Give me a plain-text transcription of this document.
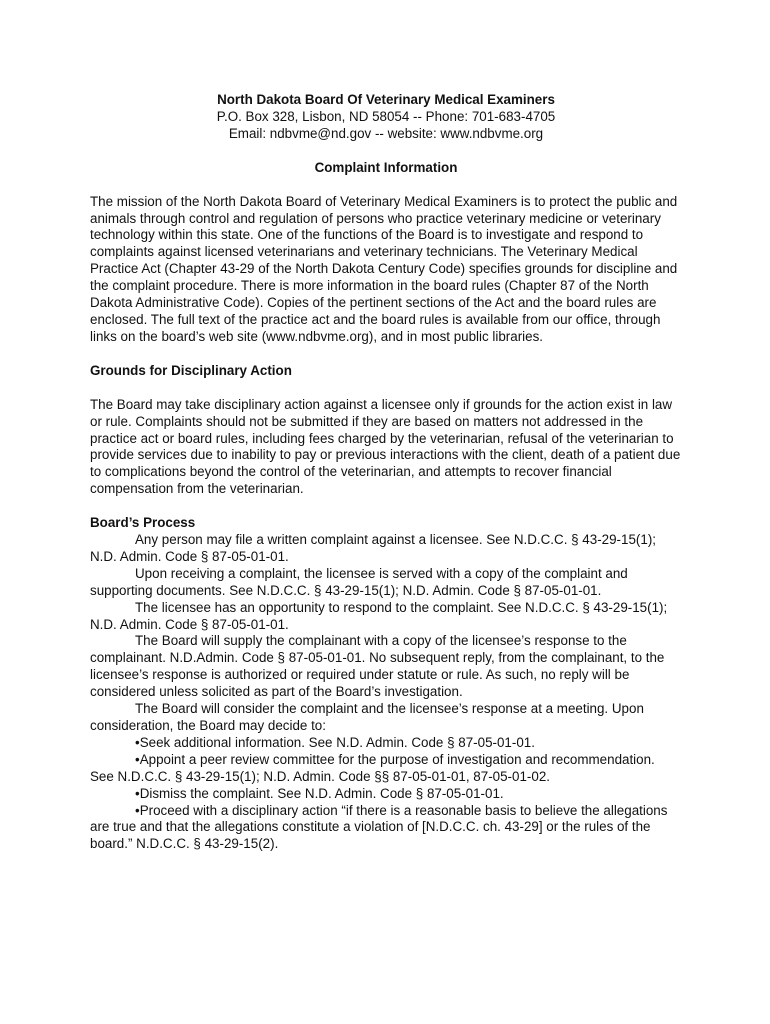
North Dakota Board Of Veterinary Medical Examiners
P.O. Box 328, Lisbon, ND 58054 -- Phone: 701-683-4705
Email: ndbvme@nd.gov -- website: www.ndbvme.org
Complaint Information

The mission of the North Dakota Board of Veterinary Medical Examiners is to protect the public and animals through control and regulation of persons who practice veterinary medicine or veterinary technology within this state. One of the functions of the Board is to investigate and respond to complaints against licensed veterinarians and veterinary technicians. The Veterinary Medical Practice Act (Chapter 43-29 of the North Dakota Century Code) specifies grounds for discipline and the complaint procedure. There is more information in the board rules (Chapter 87 of the North Dakota Administrative Code). Copies of the pertinent sections of the Act and the board rules are enclosed. The full text of the practice act and the board rules is available from our office, through links on the board’s web site (www.ndbvme.org), and in most public libraries.

Grounds for Disciplinary Action

The Board may take disciplinary action against a licensee only if grounds for the action exist in law or rule. Complaints should not be submitted if they are based on matters not addressed in the practice act or board rules, including fees charged by the veterinarian, refusal of the veterinarian to provide services due to inability to pay or previous interactions with the client, death of a patient due to complications beyond the control of the veterinarian, and attempts to recover financial compensation from the veterinarian.

Board’s Process

Any person may file a written complaint against a licensee. See N.D.C.C. § 43-29-15(1); N.D. Admin. Code § 87-05-01-01.

Upon receiving a complaint, the licensee is served with a copy of the complaint and supporting documents. See N.D.C.C. § 43-29-15(1); N.D. Admin. Code § 87-05-01-01.

The licensee has an opportunity to respond to the complaint. See N.D.C.C. § 43-29-15(1); N.D. Admin. Code § 87-05-01-01.

The Board will supply the complainant with a copy of the licensee’s response to the complainant. N.D.Admin. Code § 87-05-01-01. No subsequent reply, from the complainant, to the licensee’s response is authorized or required under statute or rule. As such, no reply will be considered unless solicited as part of the Board’s investigation.

The Board will consider the complaint and the licensee’s response at a meeting. Upon consideration, the Board may decide to:

•Seek additional information. See N.D. Admin. Code § 87-05-01-01.

•Appoint a peer review committee for the purpose of investigation and recommendation. See N.D.C.C. § 43-29-15(1); N.D. Admin. Code §§ 87-05-01-01, 87-05-01-02.

•Dismiss the complaint. See N.D. Admin. Code § 87-05-01-01.

•Proceed with a disciplinary action “if there is a reasonable basis to believe the allegations are true and that the allegations constitute a violation of [N.D.C.C. ch. 43-29] or the rules of the board.” N.D.C.C. § 43-29-15(2).
